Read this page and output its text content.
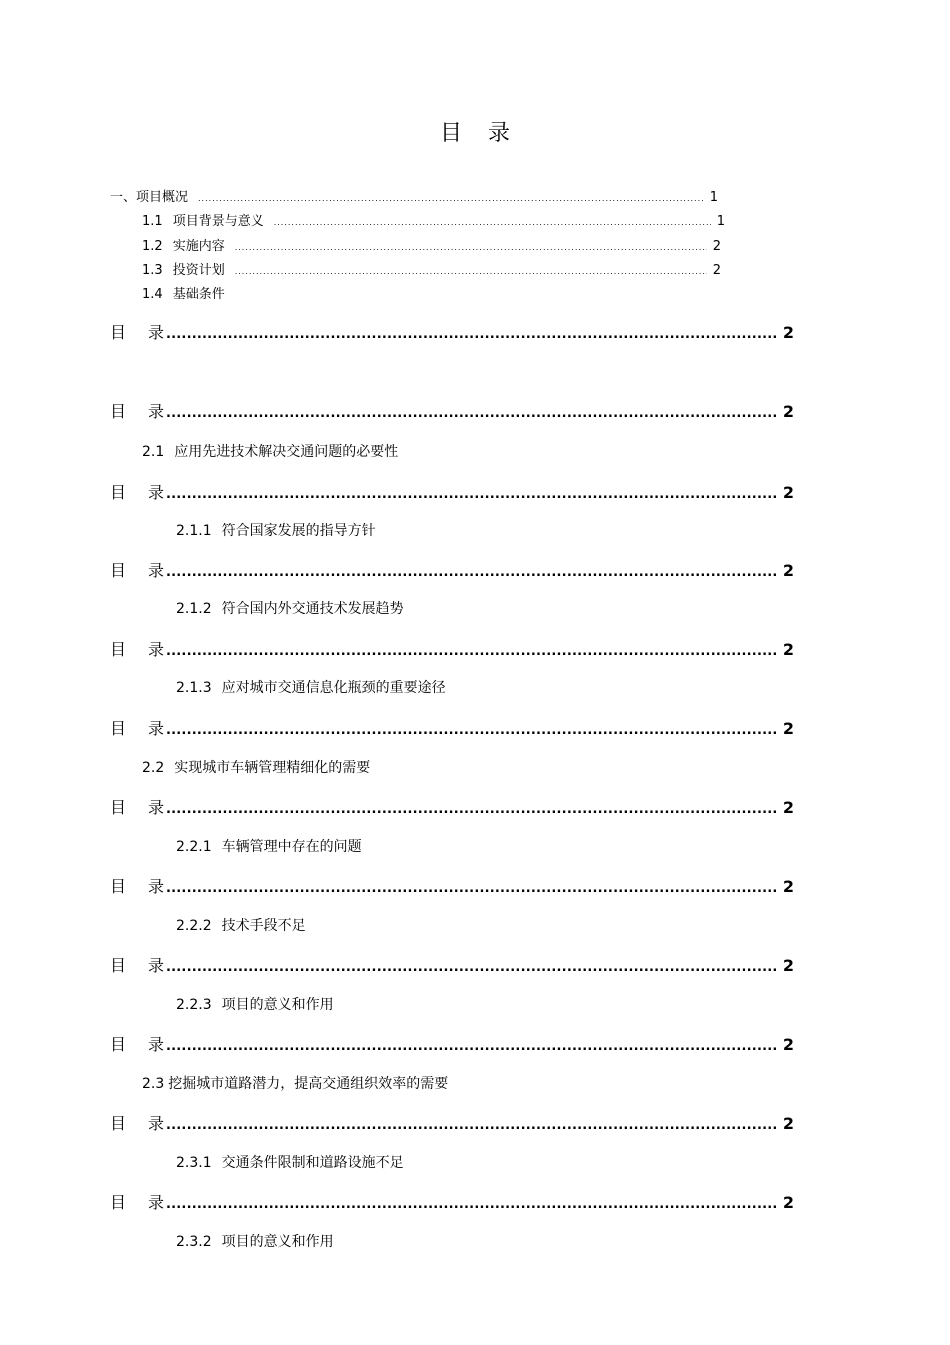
目 录
一、项目概况 .....	1
1.1 项目背景与意义 .....	1
1.2 实施内容 .....	2
1.3 投资计划 .....	2
1.4 基础条件
目	录 .....	2
目	录 .....	2
2.1 应用先进技术解决交通问题的必要性
目	录 .....	2
2.1.1 符合国家发展的指导方针
目	录 .....	2
2.1.2 符合国内外交通技术发展趋势
目	录 .....	2
2.1.3 应对城市交通信息化瓶颈的重要途径
目	录 .....	2
2.2 实现城市车辆管理精细化的需要
目	录 .....	2
2.2.1 车辆管理中存在的问题
目	录 .....	2
2.2.2 技术手段不足
目	录 .....	2
2.2.3 项目的意义和作用
目	录 .....	2
2.3 挖掘城市道路潜力，提高交通组织效率的需要
目	录 .....	2
2.3.1 交通条件限制和道路设施不足
目	录 .....	2
2.3.2 项目的意义和作用
